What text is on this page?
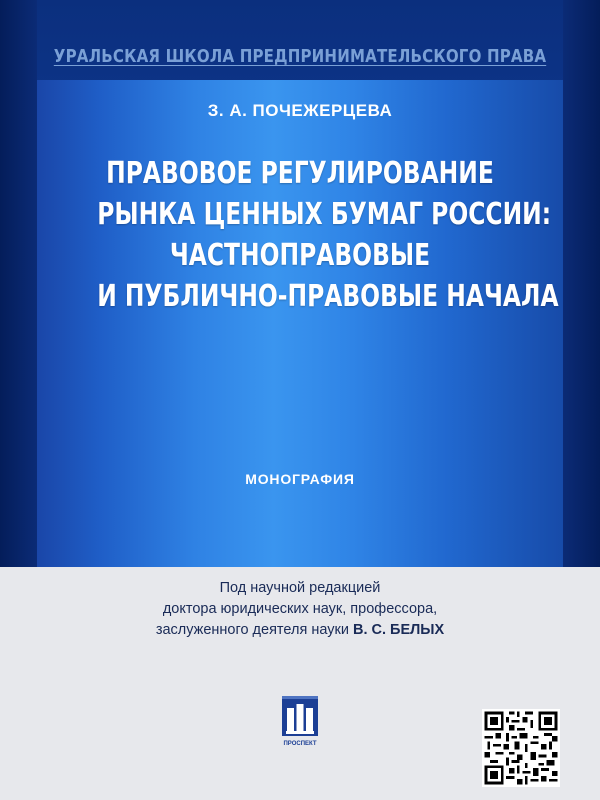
УРАЛЬСКАЯ ШКОЛА ПРЕДПРИНИМАТЕЛЬСКОГО ПРАВА
З. А. ПОЧЕЖЕРЦЕВА
ПРАВОВОЕ РЕГУЛИРОВАНИЕ
РЫНКА ЦЕННЫХ БУМАГ РОССИИ:
ЧАСТНОПРАВОВЫЕ
И ПУБЛИЧНО-ПРАВОВЫЕ НАЧАЛА
МОНОГРАФИЯ
Под научной редакцией
доктора юридических наук, профессора,
заслуженного деятеля науки В. С. БЕЛЫХ
ПРОСПЕКТ
